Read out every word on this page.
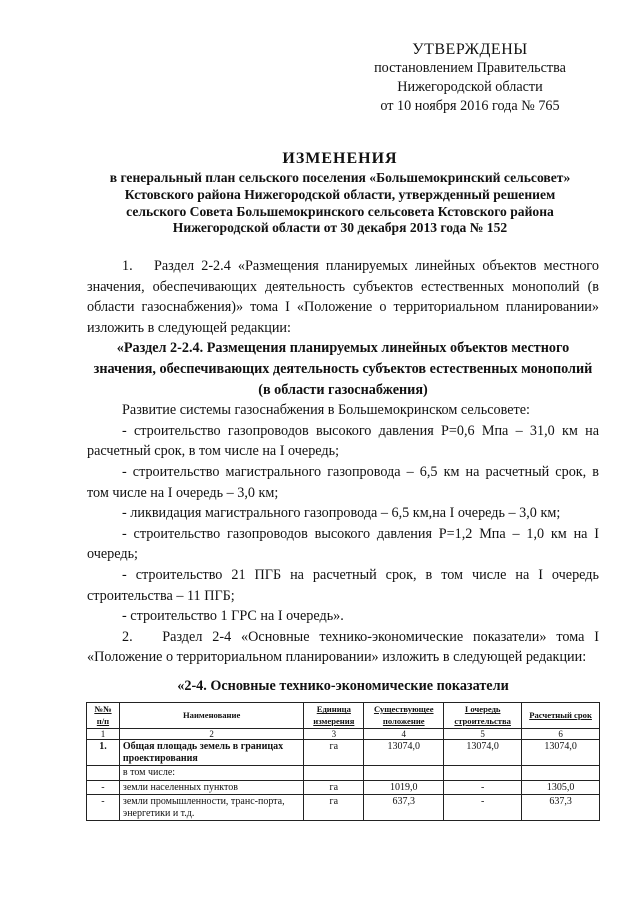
УТВЕРЖДЕНЫ
постановлением Правительства
Нижегородской области
от 10 ноября 2016 года № 765
ИЗМЕНЕНИЯ
в генеральный план сельского поселения «Большемокринский сельсовет»
Кстовского района Нижегородской области, утвержденный решением
сельского Совета Большемокринского сельсовета Кстовского района
Нижегородской области от 30 декабря 2013 года № 152

1.   Раздел 2-2.4 «Размещения планируемых линейных объектов местного значения, обеспечивающих деятельность субъектов естественных монополий (в области газоснабжения)» тома I «Положение о территориальном планировании» изложить в следующей редакции:

«Раздел 2-2.4. Размещения планируемых линейных объектов местного значения, обеспечивающих деятельность субъектов естественных монополий (в области газоснабжения)

Развитие системы газоснабжения в Большемокринском сельсовете:

- строительство газопроводов высокого давления Р=0,6 Мпа – 31,0 км на расчетный срок, в том числе на I очередь;

- строительство магистрального газопровода – 6,5 км на расчетный срок, в том числе на I очередь – 3,0 км;

- ликвидация магистрального газопровода – 6,5 км,на I очередь – 3,0 км;

- строительство газопроводов высокого давления Р=1,2 Мпа – 1,0 км на I очередь;

- строительство 21 ПГБ на расчетный срок, в том числе на I очередь строительства – 11 ПГБ;

- строительство 1 ГРС на I очередь».

2.   Раздел 2-4 «Основные технико-экономические показатели» тома I «Положение о территориальном планировании» изложить в следующей редакции:

«2-4. Основные технико-экономические показатели

№№ п/п	Наименование	Единица измерения	Существующее положение	I очередь строительства	Расчетный срок
1	2	3	4	5	6
1.	Общая площадь земель в границах проектирования	га	13074,0	13074,0	13074,0
	в том числе:				
-	земли населенных пунктов	га	1019,0	-	1305,0
-	земли промышленности, транс-порта, энергетики и т.д.	га	637,3	-	637,3
